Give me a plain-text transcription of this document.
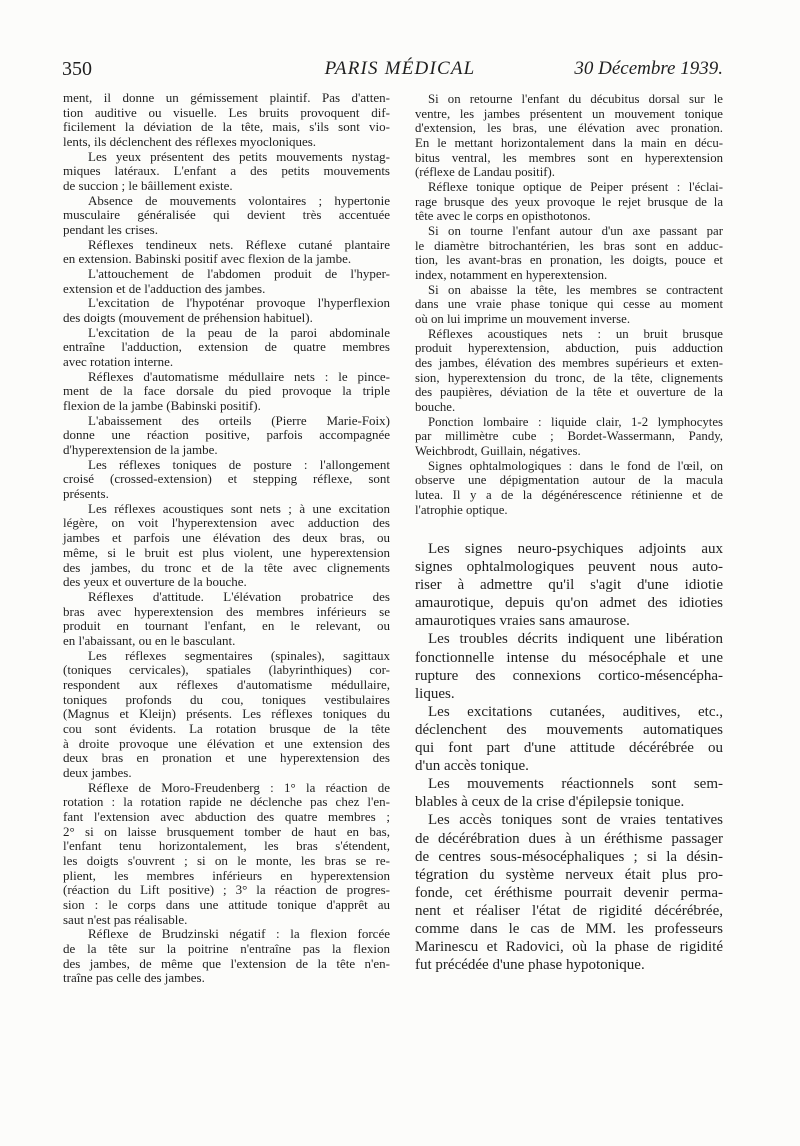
350	PARIS MÉDICAL	30 Décembre 1939.
ment, il donne un gémissement plaintif. Pas d'atten-
tion auditive ou visuelle. Les bruits provoquent dif-
ficilement la déviation de la tête, mais, s'ils sont vio-
lents, ils déclenchent des réflexes myocloniques.
Les yeux présentent des petits mouvements nystag-
miques latéraux. L'enfant a des petits mouvements
de succion ; le bâillement existe.
Absence de mouvements volontaires ; hypertonie
musculaire généralisée qui devient très accentuée
pendant les crises.
Réflexes tendineux nets. Réflexe cutané plantaire
en extension. Babinski positif avec flexion de la jambe.
L'attouchement de l'abdomen produit de l'hyper-
extension et de l'adduction des jambes.
L'excitation de l'hypoténar provoque l'hyperflexion
des doigts (mouvement de préhension habituel).
L'excitation de la peau de la paroi abdominale
entraîne l'adduction, extension de quatre membres
avec rotation interne.
Réflexes d'automatisme médullaire nets : le pince-
ment de la face dorsale du pied provoque la triple
flexion de la jambe (Babinski positif).
L'abaissement des orteils (Pierre Marie-Foix)
donne une réaction positive, parfois accompagnée
d'hyperextension de la jambe.
Les réflexes toniques de posture : l'allongement
croisé (crossed-extension) et stepping réflexe, sont
présents.
Les réflexes acoustiques sont nets ; à une excitation
légère, on voit l'hyperextension avec adduction des
jambes et parfois une élévation des deux bras, ou
même, si le bruit est plus violent, une hyperextension
des jambes, du tronc et de la tête avec clignements
des yeux et ouverture de la bouche.
Réflexes d'attitude. L'élévation probatrice des
bras avec hyperextension des membres inférieurs se
produit en tournant l'enfant, en le relevant, ou
en l'abaissant, ou en le basculant.
Les réflexes segmentaires (spinales), sagittaux
(toniques cervicales), spatiales (labyrinthiques) cor-
respondent aux réflexes d'automatisme médullaire,
toniques profonds du cou, toniques vestibulaires
(Magnus et Kleijn) présents. Les réflexes toniques du
cou sont évidents. La rotation brusque de la tête
à droite provoque une élévation et une extension des
deux bras en pronation et une hyperextension des
deux jambes.
Réflexe de Moro-Freudenberg : 1° la réaction de
rotation : la rotation rapide ne déclenche pas chez l'en-
fant l'extension avec abduction des quatre membres ;
2° si on laisse brusquement tomber de haut en bas,
l'enfant tenu horizontalement, les bras s'étendent,
les doigts s'ouvrent ; si on le monte, les bras se re-
plient, les membres inférieurs en hyperextension
(réaction du Lift positive) ; 3° la réaction de progres-
sion : le corps dans une attitude tonique d'apprêt au
saut n'est pas réalisable.
Réflexe de Brudzinski négatif : la flexion forcée
de la tête sur la poitrine n'entraîne pas la flexion
des jambes, de même que l'extension de la tête n'en-
traîne pas celle des jambes.
Si on retourne l'enfant du décubitus dorsal sur le
ventre, les jambes présentent un mouvement tonique
d'extension, les bras, une élévation avec pronation.
En le mettant horizontalement dans la main en décu-
bitus ventral, les membres sont en hyperextension
(réflexe de Landau positif).
Réflexe tonique optique de Peiper présent : l'éclai-
rage brusque des yeux provoque le rejet brusque de la
tête avec le corps en opisthotonos.
Si on tourne l'enfant autour d'un axe passant par
le diamètre bitrochantérien, les bras sont en adduc-
tion, les avant-bras en pronation, les doigts, pouce et
index, notamment en hyperextension.
Si on abaisse la tête, les membres se contractent
dans une vraie phase tonique qui cesse au moment
où on lui imprime un mouvement inverse.
Réflexes acoustiques nets : un bruit brusque
produit hyperextension, abduction, puis adduction
des jambes, élévation des membres supérieurs et exten-
sion, hyperextension du tronc, de la tête, clignements
des paupières, déviation de la tête et ouverture de la
bouche.
Ponction lombaire : liquide clair, 1-2 lymphocytes
par millimètre cube ; Bordet-Wassermann, Pandy,
Weichbrodt, Guillain, négatives.
Signes ophtalmologiques : dans le fond de l'œil, on
observe une dépigmentation autour de la macula
lutea. Il y a de la dégénérescence rétinienne et de
l'atrophie optique.
Les signes neuro-psychiques adjoints aux
signes ophtalmologiques peuvent nous auto-
riser à admettre qu'il s'agit d'une idiotie
amaurotique, depuis qu'on admet des idioties
amaurotiques vraies sans amaurose.
Les troubles décrits indiquent une libération
fonctionnelle intense du mésocéphale et une
rupture des connexions cortico-mésencépha-
liques.
Les excitations cutanées, auditives, etc.,
déclenchent des mouvements automatiques
qui font part d'une attitude décérébrée ou
d'un accès tonique.
Les mouvements réactionnels sont sem-
blables à ceux de la crise d'épilepsie tonique.
Les accès toniques sont de vraies tentatives
de décérébration dues à un éréthisme passager
de centres sous-mésocéphaliques ; si la désin-
tégration du système nerveux était plus pro-
fonde, cet éréthisme pourrait devenir perma-
nent et réaliser l'état de rigidité décérébrée,
comme dans le cas de MM. les professeurs
Marinescu et Radovici, où la phase de rigidité
fut précédée d'une phase hypotonique.
